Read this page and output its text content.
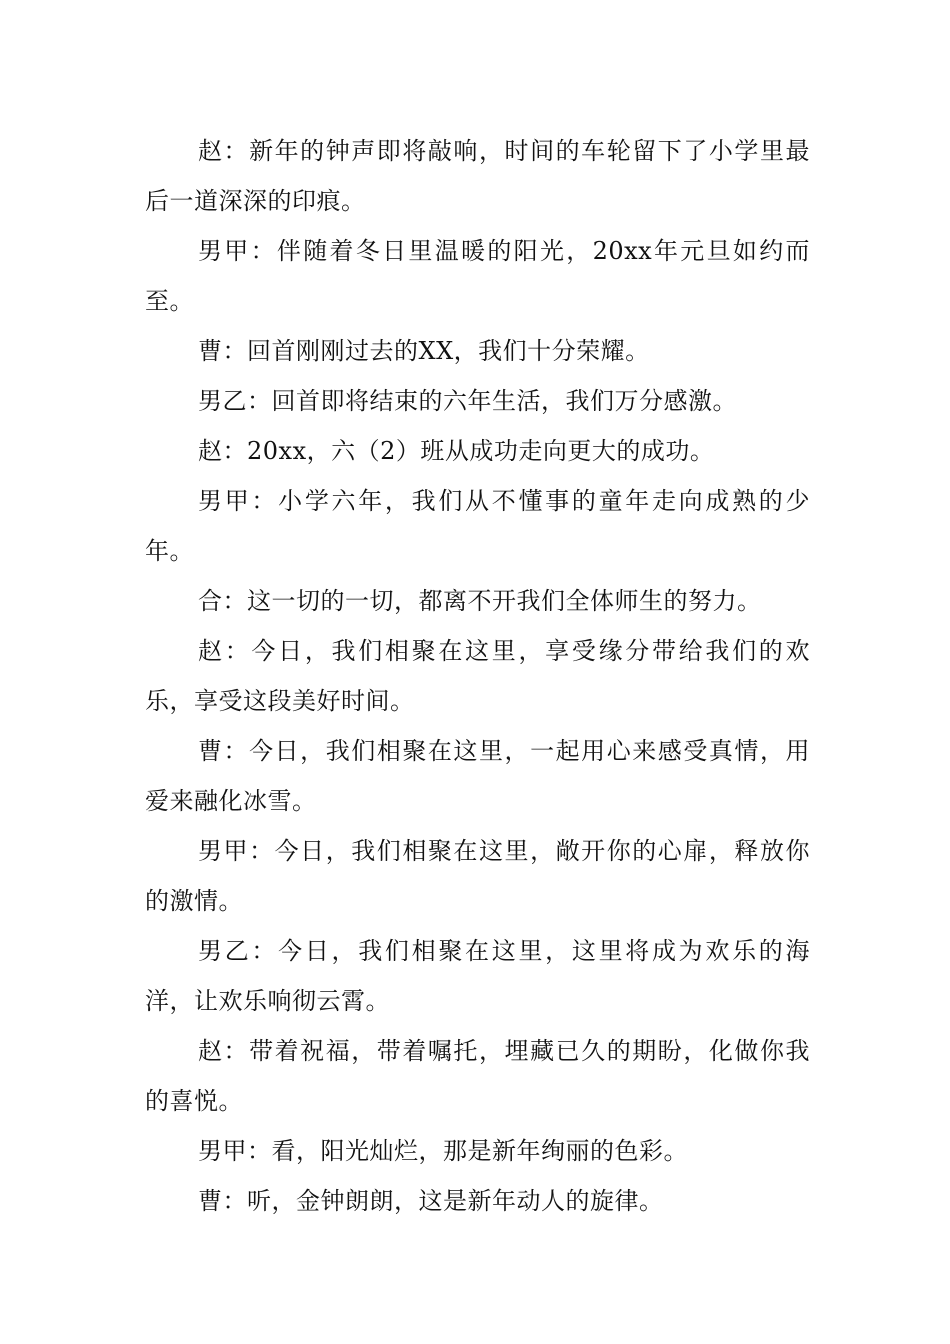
赵：新年的钟声即将敲响，时间的车轮留下了小学里最后一道深深的印痕。

男甲：伴随着冬日里温暖的阳光，20xx年元旦如约而至。

曹：回首刚刚过去的XX，我们十分荣耀。

男乙：回首即将结束的六年生活，我们万分感激。

赵：20xx，六（2）班从成功走向更大的成功。

男甲：小学六年，我们从不懂事的童年走向成熟的少年。

合：这一切的一切，都离不开我们全体师生的努力。

赵：今日，我们相聚在这里，享受缘分带给我们的欢乐，享受这段美好时间。

曹：今日，我们相聚在这里，一起用心来感受真情，用爱来融化冰雪。

男甲：今日，我们相聚在这里，敞开你的心扉，释放你的激情。

男乙：今日，我们相聚在这里，这里将成为欢乐的海洋，让欢乐响彻云霄。

赵：带着祝福，带着嘱托，埋藏已久的期盼，化做你我的喜悦。

男甲：看，阳光灿烂，那是新年绚丽的色彩。

曹：听，金钟朗朗，这是新年动人的旋律。
